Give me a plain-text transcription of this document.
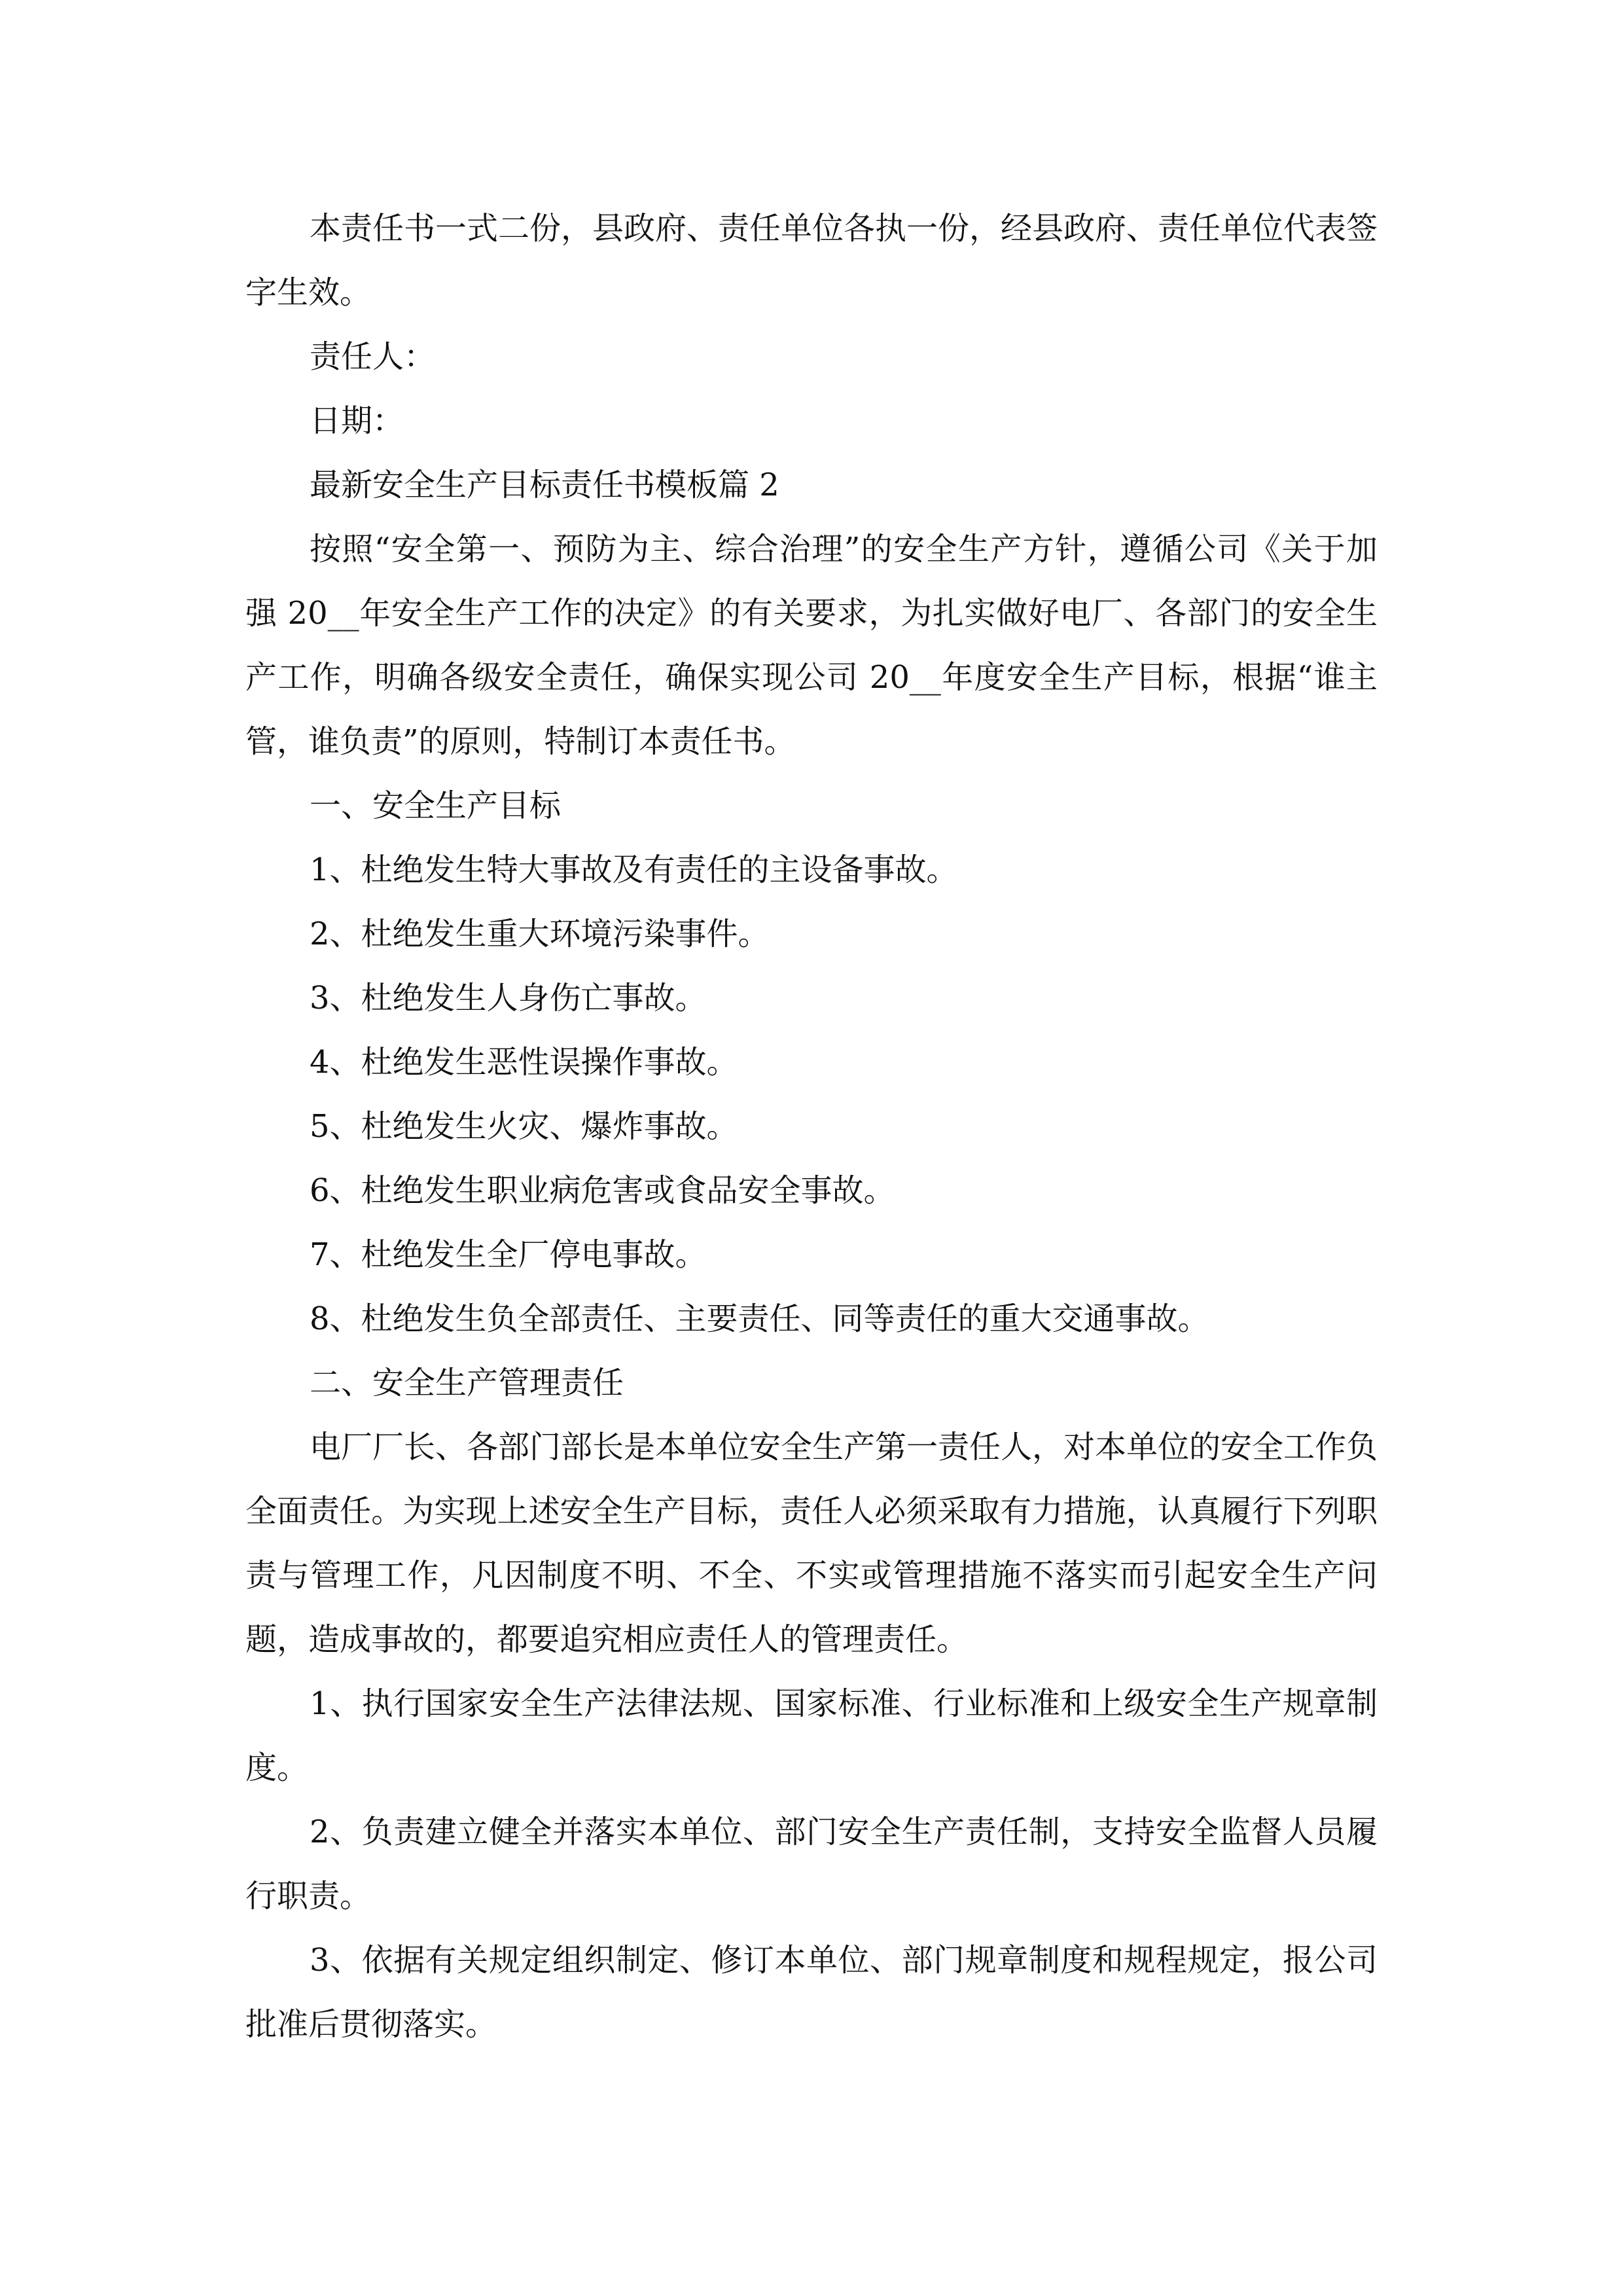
本责任书一式二份，县政府、责任单位各执一份，经县政府、责任单位代表签字生效。

责任人：

日期：

最新安全生产目标责任书模板篇 2

按照“安全第一、预防为主、综合治理”的安全生产方针，遵循公司《关于加强 20__年安全生产工作的决定》的有关要求，为扎实做好电厂、各部门的安全生产工作，明确各级安全责任，确保实现公司 20__年度安全生产目标，根据“谁主管，谁负责”的原则，特制订本责任书。

一、安全生产目标

1、杜绝发生特大事故及有责任的主设备事故。

2、杜绝发生重大环境污染事件。

3、杜绝发生人身伤亡事故。

4、杜绝发生恶性误操作事故。

5、杜绝发生火灾、爆炸事故。

6、杜绝发生职业病危害或食品安全事故。

7、杜绝发生全厂停电事故。

8、杜绝发生负全部责任、主要责任、同等责任的重大交通事故。

二、安全生产管理责任

电厂厂长、各部门部长是本单位安全生产第一责任人，对本单位的安全工作负全面责任。为实现上述安全生产目标，责任人必须采取有力措施，认真履行下列职责与管理工作，凡因制度不明、不全、不实或管理措施不落实而引起安全生产问题，造成事故的，都要追究相应责任人的管理责任。

1、执行国家安全生产法律法规、国家标准、行业标准和上级安全生产规章制度。

2、负责建立健全并落实本单位、部门安全生产责任制，支持安全监督人员履行职责。

3、依据有关规定组织制定、修订本单位、部门规章制度和规程规定，报公司批准后贯彻落实。
